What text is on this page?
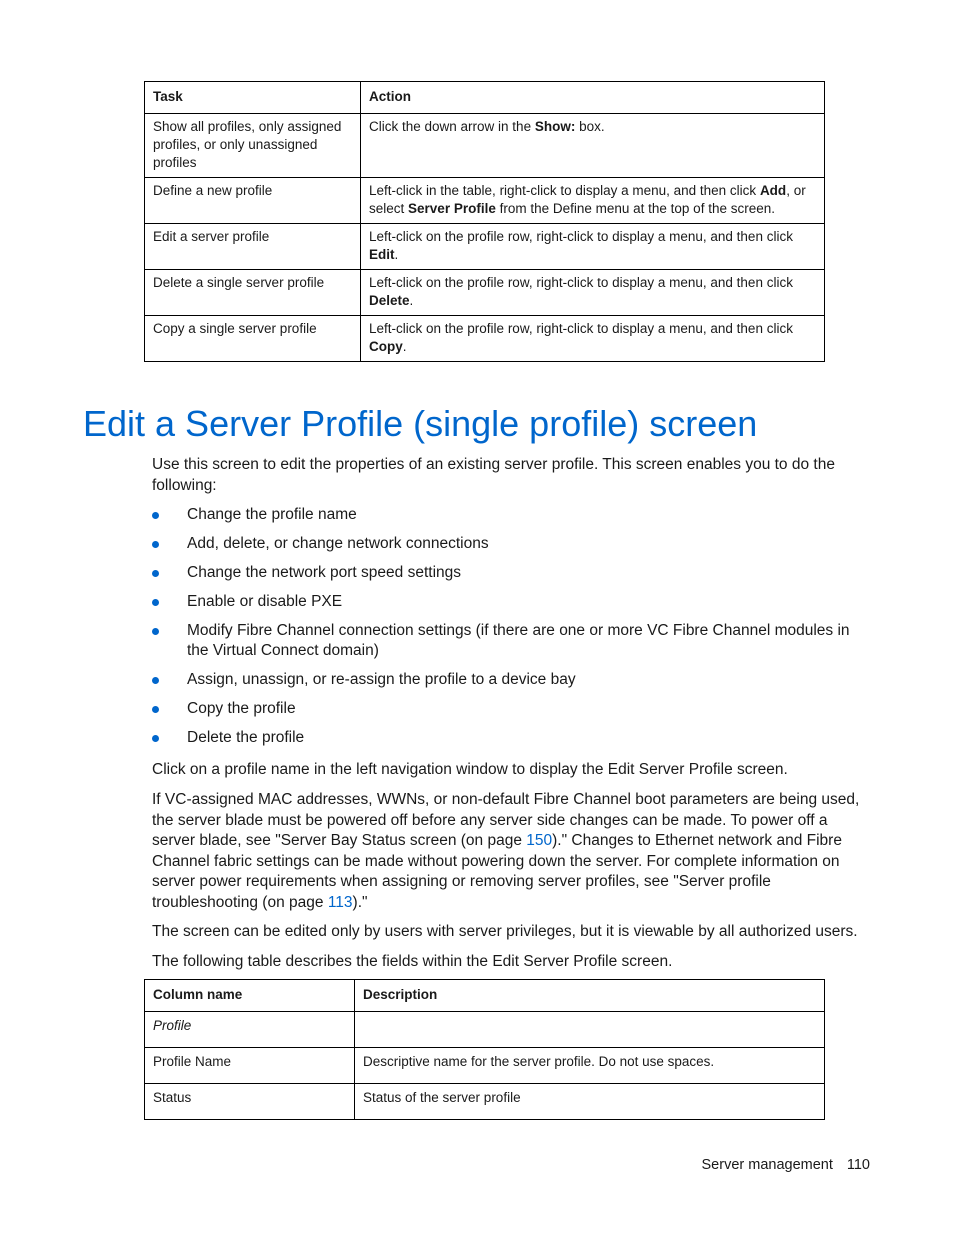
Task	Action
Show all profiles, only assigned profiles, or only unassigned profiles	Click the down arrow in the Show: box.
Define a new profile	Left-click in the table, right-click to display a menu, and then click Add, or select Server Profile from the Define menu at the top of the screen.
Edit a server profile	Left-click on the profile row, right-click to display a menu, and then click Edit.
Delete a single server profile	Left-click on the profile row, right-click to display a menu, and then click Delete.
Copy a single server profile	Left-click on the profile row, right-click to display a menu, and then click Copy.
Edit a Server Profile (single profile) screen

Use this screen to edit the properties of an existing server profile. This screen enables you to do the following:

Change the profile name
Add, delete, or change network connections
Change the network port speed settings
Enable or disable PXE
Modify Fibre Channel connection settings (if there are one or more VC Fibre Channel modules in the Virtual Connect domain)
Assign, unassign, or re-assign the profile to a device bay
Copy the profile
Delete the profile

Click on a profile name in the left navigation window to display the Edit Server Profile screen.

If VC-assigned MAC addresses, WWNs, or non-default Fibre Channel boot parameters are being used, the server blade must be powered off before any server side changes can be made. To power off a server blade, see "Server Bay Status screen (on page 150)." Changes to Ethernet network and Fibre Channel fabric settings can be made without powering down the server. For complete information on server power requirements when assigning or removing server profiles, see "Server profile troubleshooting (on page 113)."

The screen can be edited only by users with server privileges, but it is viewable by all authorized users.

The following table describes the fields within the Edit Server Profile screen.

Column name	Description
Profile	
Profile Name	Descriptive name for the server profile. Do not use spaces.
Status	Status of the server profile
Server management 110
